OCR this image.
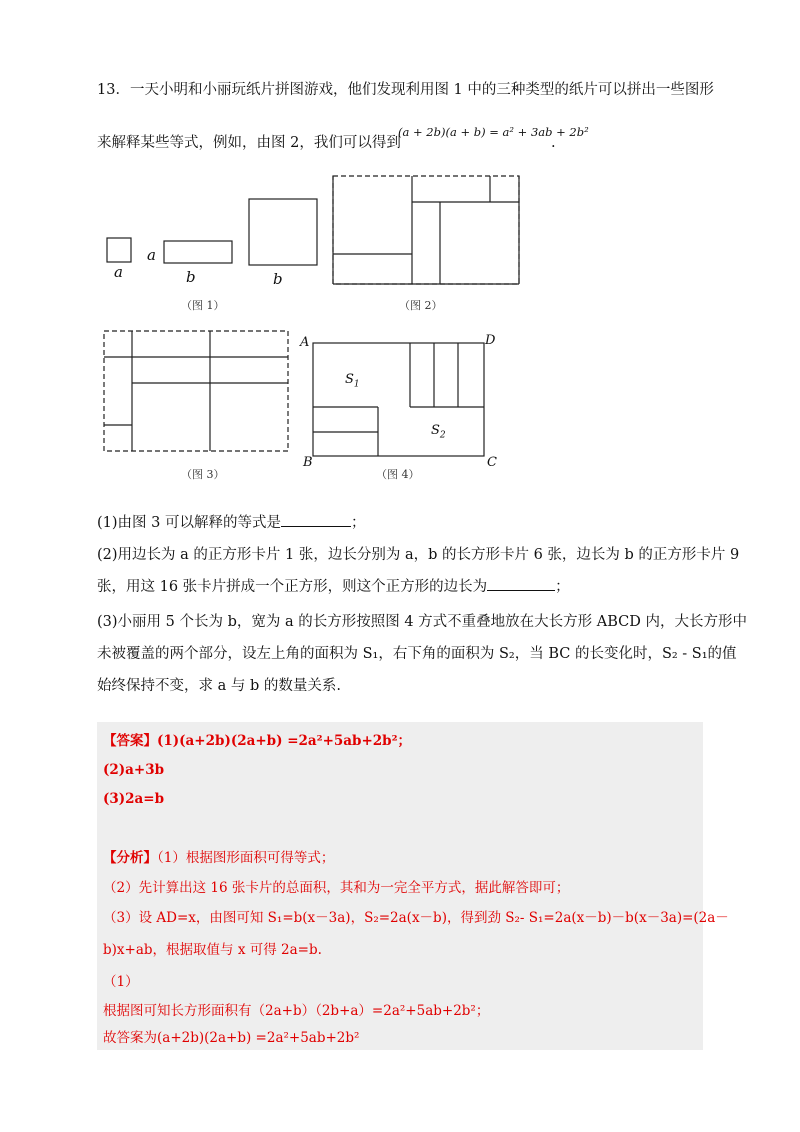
13．一天小明和小丽玩纸片拼图游戏，他们发现利用图 1 中的三种类型的纸片可以拼出一些图形
来解释某些等式，例如，由图 2，我们可以得到
(a + 2b)(a + b) = a² + 3ab + 2b²
.
a
a
b	b
（图 1）	（图 2）
（图 3）
A	D
B	C
$S_1$
$S_2$
（图 4）
(1)由图 3 可以解释的等式是	；
(2)用边长为 a 的正方形卡片 1 张，边长分别为 a，b 的长方形卡片 6 张，边长为 b 的正方形卡片 9
张，用这 16 张卡片拼成一个正方形，则这个正方形的边长为	；
(3)小丽用 5 个长为 b，宽为 a 的长方形按照图 4 方式不重叠地放在大长方形 ABCD 内，大长方形中
未被覆盖的两个部分，设左上角的面积为 S₁，右下角的面积为 S₂，当 BC 的长变化时，S₂ - S₁的值
始终保持不变，求 a 与 b 的数量关系.
【答案】(1)(a+2b)(2a+b) =2a²+5ab+2b²；
(2)a+3b
(3)2a=b
【分析】（1）根据图形面积可得等式；
（2）先计算出这 16 张卡片的总面积，其和为一完全平方式，据此解答即可；
（3）设 AD=x，由图可知 S₁=b(x－3a)，S₂=2a(x－b)，得到劲 S₂- S₁=2a(x－b)－b(x－3a)=(2a－
b)x+ab，根据取值与 x 可得 2a=b.
（1）
根据图可知长方形面积有（2a+b）（2b+a）=2a²+5ab+2b²；
故答案为(a+2b)(2a+b) =2a²+5ab+2b²
